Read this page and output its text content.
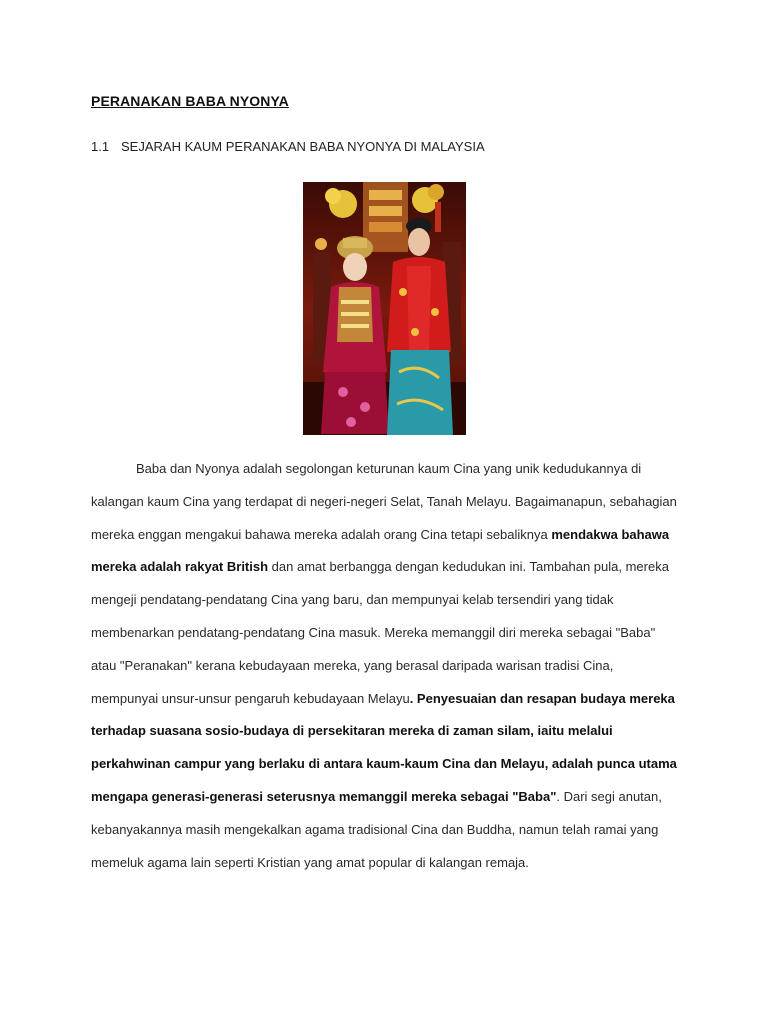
PERANAKAN BABA NYONYA

1.1 SEJARAH KAUM PERANAKAN BABA NYONYA DI MALAYSIA

Baba dan Nyonya adalah segolongan keturunan kaum Cina yang unik kedudukannya di kalangan kaum Cina yang terdapat di negeri-negeri Selat, Tanah Melayu. Bagaimanapun, sebahagian mereka enggan mengakui bahawa mereka adalah orang Cina tetapi sebaliknya mendakwa bahawa mereka adalah rakyat British dan amat berbangga dengan kedudukan ini. Tambahan pula, mereka mengeji pendatang-pendatang Cina yang baru, dan mempunyai kelab tersendiri yang tidak membenarkan pendatang-pendatang Cina masuk. Mereka memanggil diri mereka sebagai "Baba" atau "Peranakan" kerana kebudayaan mereka, yang berasal daripada warisan tradisi Cina, mempunyai unsur-unsur pengaruh kebudayaan Melayu. Penyesuaian dan resapan budaya mereka terhadap suasana sosio-budaya di persekitaran mereka di zaman silam, iaitu melalui perkahwinan campur yang berlaku di antara kaum-kaum Cina dan Melayu, adalah punca utama mengapa generasi-generasi seterusnya memanggil mereka sebagai "Baba". Dari segi anutan, kebanyakannya masih mengekalkan agama tradisional Cina dan Buddha, namun telah ramai yang memeluk agama lain seperti Kristian yang amat popular di kalangan remaja.
